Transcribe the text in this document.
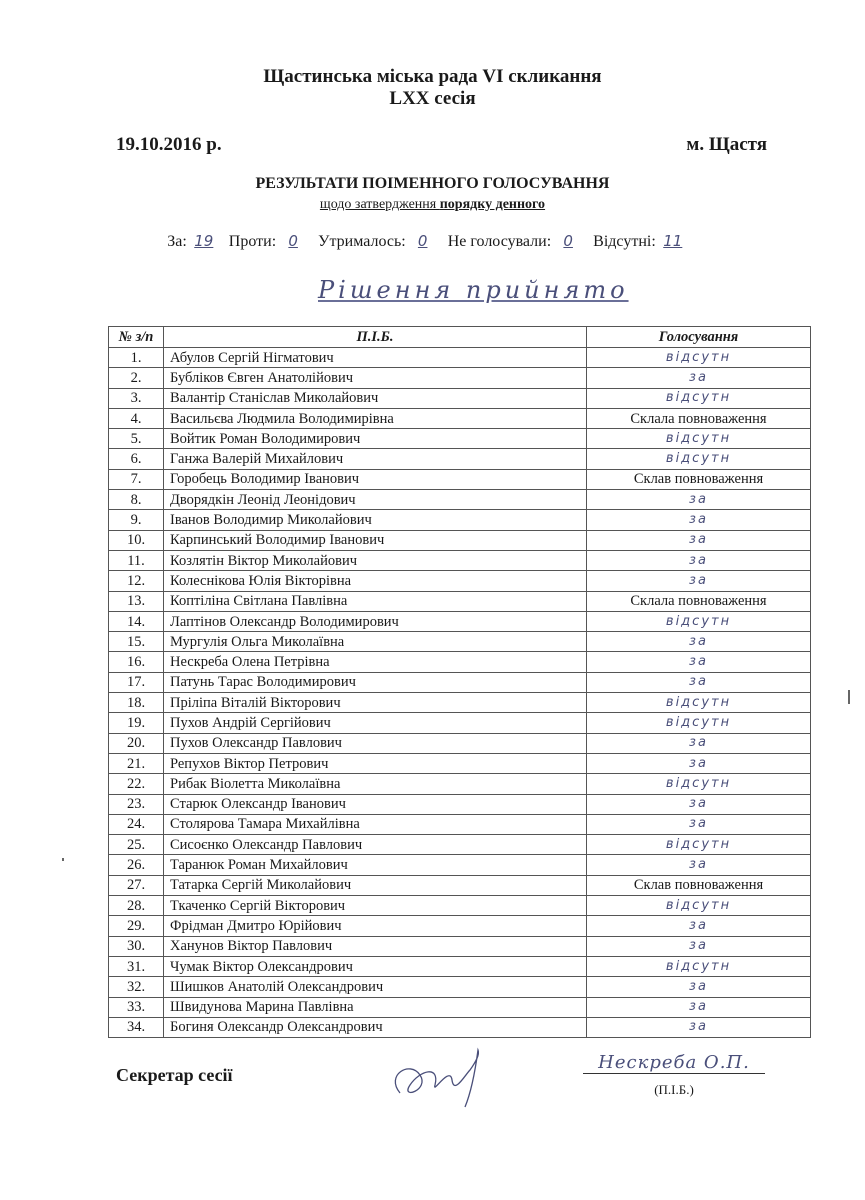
Щастинська міська рада VI скликання
LXX сесія
19.10.2016 р.	м. Щастя
РЕЗУЛЬТАТИ ПОІМЕННОГО ГОЛОСУВАННЯ
щодо затвердження порядку денного
За: 19 Проти: 0 Утрималось: 0 Не голосували: 0 Відсутні: 11
Рішення прийнято
№ з/п	П.І.Б.	Голосування
1.	Абулов Сергій Нігматович	відсутн
2.	Бубліков Євген Анатолійович	за
3.	Валантір Станіслав Миколайович	відсутн
4.	Васильєва Людмила Володимирівна	Склала повноваження
5.	Войтик Роман Володимирович	відсутн
6.	Ганжа Валерій Михайлович	відсутн
7.	Горобець Володимир Іванович	Склав повноваження
8.	Дворядкін Леонід Леонідович	за
9.	Іванов Володимир Миколайович	за
10.	Карпинський Володимир Іванович	за
11.	Козлятін Віктор Миколайович	за
12.	Колеснікова Юлія Вікторівна	за
13.	Коптіліна Світлана Павлівна	Склала повноваження
14.	Лаптінов Олександр Володимирович	відсутн
15.	Мургулія Ольга Миколаївна	за
16.	Нескреба Олена Петрівна	за
17.	Патунь Тарас Володимирович	за
18.	Пріліпа Віталій Вікторович	відсутн
19.	Пухов Андрій Сергійович	відсутн
20.	Пухов Олександр Павлович	за
21.	Репухов Віктор Петрович	за
22.	Рибак Віолетта Миколаївна	відсутн
23.	Старюк Олександр Іванович	за
24.	Столярова Тамара Михайлівна	за
25.	Сисоєнко Олександр Павлович	відсутн
26.	Таранюк Роман Михайлович	за
27.	Татарка Сергій Миколайович	Склав повноваження
28.	Ткаченко Сергій Вікторович	відсутн
29.	Фрідман Дмитро Юрійович	за
30.	Ханунов Віктор Павлович	за
31.	Чумак Віктор Олександрович	відсутн
32.	Шишков Анатолій Олександрович	за
33.	Швидунова Марина Павлівна	за
34.	Богиня Олександр Олександрович	за
Секретар сесії
Нескреба О.П.
(П.І.Б.)
